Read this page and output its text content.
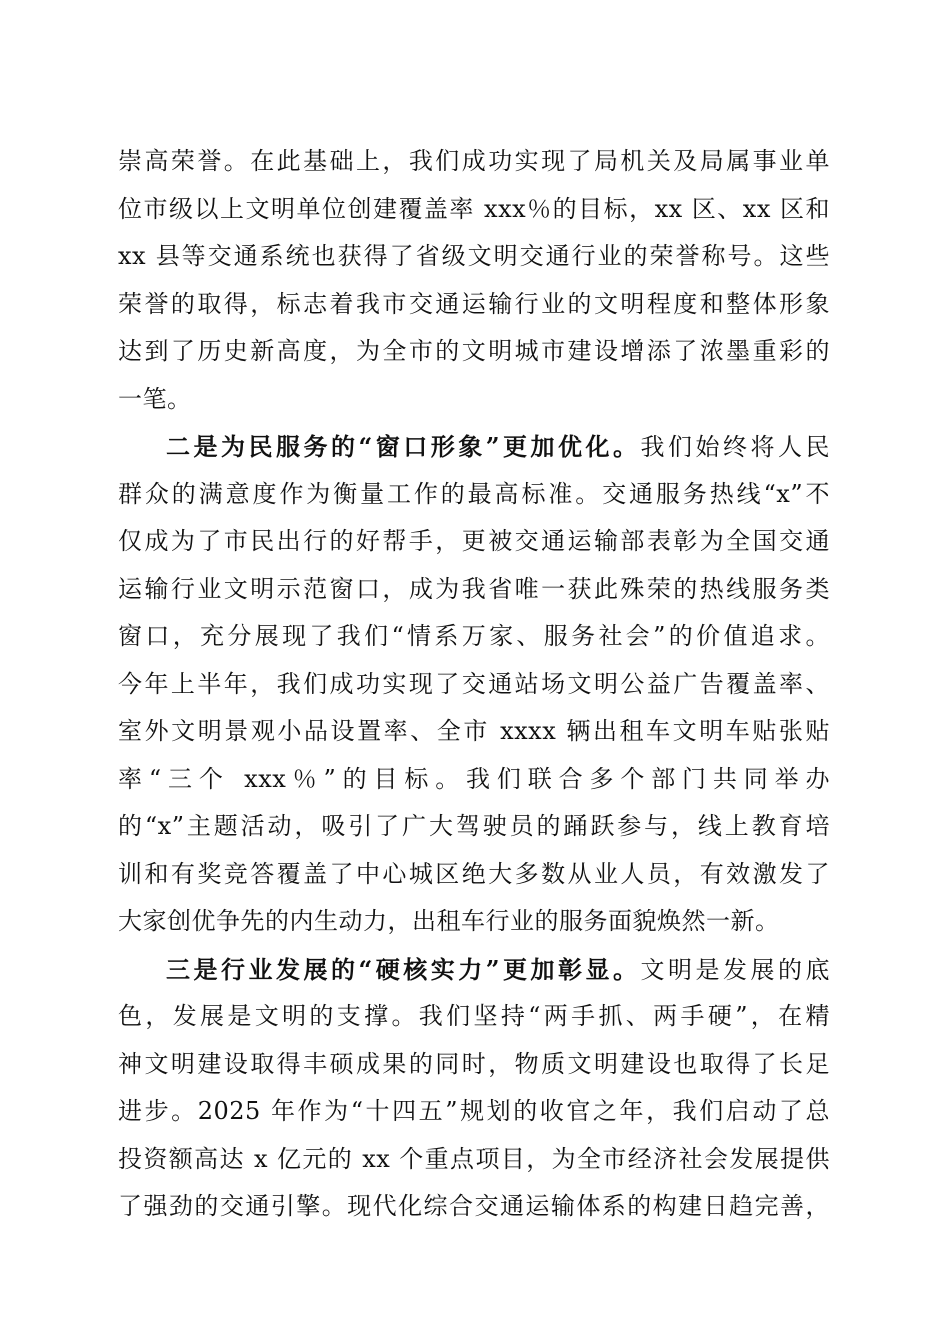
崇高荣誉。在此基础上，我们成功实现了局机关及局属事业单
位市级以上文明单位创建覆盖率 xxx％的目标，xx 区、xx 区和
xx 县等交通系统也获得了省级文明交通行业的荣誉称号。这些
荣誉的取得，标志着我市交通运输行业的文明程度和整体形象
达到了历史新高度，为全市的文明城市建设增添了浓墨重彩的
一笔。
二是为民服务的“窗口形象”更加优化。我们始终将人民
群众的满意度作为衡量工作的最高标准。交通服务热线“x”不
仅成为了市民出行的好帮手，更被交通运输部表彰为全国交通
运输行业文明示范窗口，成为我省唯一获此殊荣的热线服务类
窗口，充分展现了我们“情系万家、服务社会”的价值追求。
今年上半年，我们成功实现了交通站场文明公益广告覆盖率、
室外文明景观小品设置率、全市 xxxx 辆出租车文明车贴张贴
率“三个 xxx％”的目标。我们联合多个部门共同举办
的“x”主题活动，吸引了广大驾驶员的踊跃参与，线上教育培
训和有奖竞答覆盖了中心城区绝大多数从业人员，有效激发了
大家创优争先的内生动力，出租车行业的服务面貌焕然一新。
三是行业发展的“硬核实力”更加彰显。文明是发展的底
色，发展是文明的支撑。我们坚持“两手抓、两手硬”，在精
神文明建设取得丰硕成果的同时，物质文明建设也取得了长足
进步。2025 年作为“十四五”规划的收官之年，我们启动了总
投资额高达 x 亿元的 xx 个重点项目，为全市经济社会发展提供
了强劲的交通引擎。现代化综合交通运输体系的构建日趋完善，
